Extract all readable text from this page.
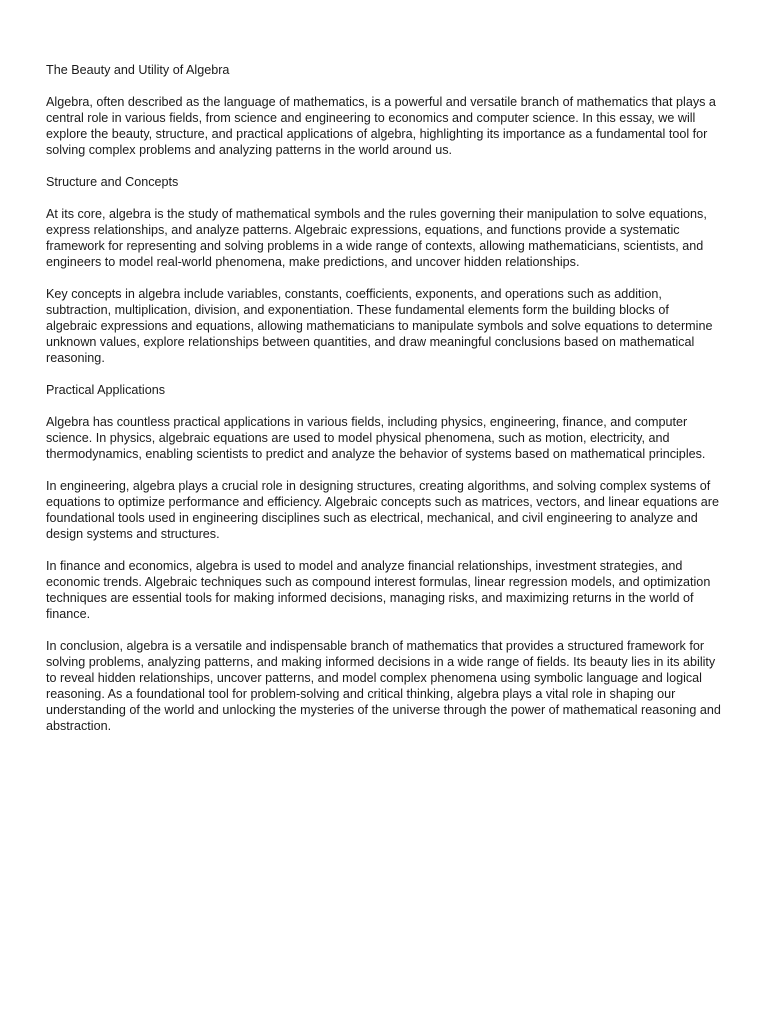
The Beauty and Utility of Algebra

Algebra, often described as the language of mathematics, is a powerful and versatile branch of mathematics that plays a central role in various fields, from science and engineering to economics and computer science. In this essay, we will explore the beauty, structure, and practical applications of algebra, highlighting its importance as a fundamental tool for solving complex problems and analyzing patterns in the world around us.

Structure and Concepts

At its core, algebra is the study of mathematical symbols and the rules governing their manipulation to solve equations, express relationships, and analyze patterns. Algebraic expressions, equations, and functions provide a systematic framework for representing and solving problems in a wide range of contexts, allowing mathematicians, scientists, and engineers to model real-world phenomena, make predictions, and uncover hidden relationships.

Key concepts in algebra include variables, constants, coefficients, exponents, and operations such as addition, subtraction, multiplication, division, and exponentiation. These fundamental elements form the building blocks of algebraic expressions and equations, allowing mathematicians to manipulate symbols and solve equations to determine unknown values, explore relationships between quantities, and draw meaningful conclusions based on mathematical reasoning.

Practical Applications

Algebra has countless practical applications in various fields, including physics, engineering, finance, and computer science. In physics, algebraic equations are used to model physical phenomena, such as motion, electricity, and thermodynamics, enabling scientists to predict and analyze the behavior of systems based on mathematical principles.

In engineering, algebra plays a crucial role in designing structures, creating algorithms, and solving complex systems of equations to optimize performance and efficiency. Algebraic concepts such as matrices, vectors, and linear equations are foundational tools used in engineering disciplines such as electrical, mechanical, and civil engineering to analyze and design systems and structures.

In finance and economics, algebra is used to model and analyze financial relationships, investment strategies, and economic trends. Algebraic techniques such as compound interest formulas, linear regression models, and optimization techniques are essential tools for making informed decisions, managing risks, and maximizing returns in the world of finance.

In conclusion, algebra is a versatile and indispensable branch of mathematics that provides a structured framework for solving problems, analyzing patterns, and making informed decisions in a wide range of fields. Its beauty lies in its ability to reveal hidden relationships, uncover patterns, and model complex phenomena using symbolic language and logical reasoning. As a foundational tool for problem-solving and critical thinking, algebra plays a vital role in shaping our understanding of the world and unlocking the mysteries of the universe through the power of mathematical reasoning and abstraction.
